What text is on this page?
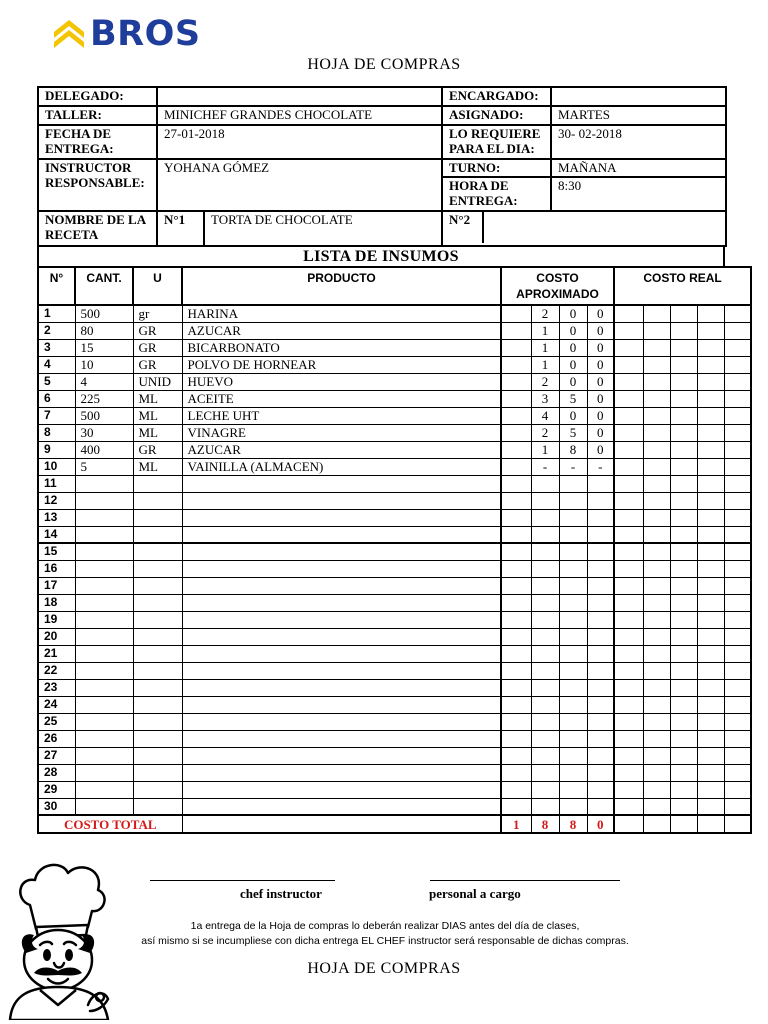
BROS
HOJA DE COMPRAS
DELEGADO:			ENCARGADO:	
TALLER:	MINICHEF GRANDES CHOCOLATE		ASIGNADO:	MARTES
FECHA DE ENTREGA:	27-01-2018		LO REQUIERE PARA EL DIA:	30- 02-2018
INSTRUCTOR RESPONSABLE:	YOHANA GÓMEZ		TURNO:	MAÑANA
			HORA DE ENTREGA:	8:30
NOMBRE DE LA RECETA	N°1	TORTA DE CHOCOLATE	N°2	
LISTA DE INSUMOS
N°	CANT.	U	PRODUCTO	COSTO APROXIMADO				COSTO REAL				
1	500	gr	HARINA		2	0	0					
2	80	GR	AZUCAR		1	0	0					
3	15	GR	BICARBONATO		1	0	0					
4	10	GR	POLVO DE HORNEAR		1	0	0					
5	4	UNID	HUEVO		2	0	0					
6	225	ML	ACEITE		3	5	0					
7	500	ML	LECHE UHT		4	0	0					
8	30	ML	VINAGRE		2	5	0					
9	400	GR	AZUCAR		1	8	0					
10	5	ML	VAINILLA (ALMACEN)		-	-	-					
11												
12												
13												
14												
15												
16												
17												
18												
19												
20												
21												
22												
23												
24												
25												
26												
27												
28												
29												
30												
COSTO TOTAL				1	8	8	0					
chef instructor	personal a cargo
1a entrega de la Hoja de compras lo deberán realizar DIAS antes del día de clases,
así mismo si se incumpliese con dicha entrega EL CHEF instructor será responsable de dichas compras.
HOJA DE COMPRAS
